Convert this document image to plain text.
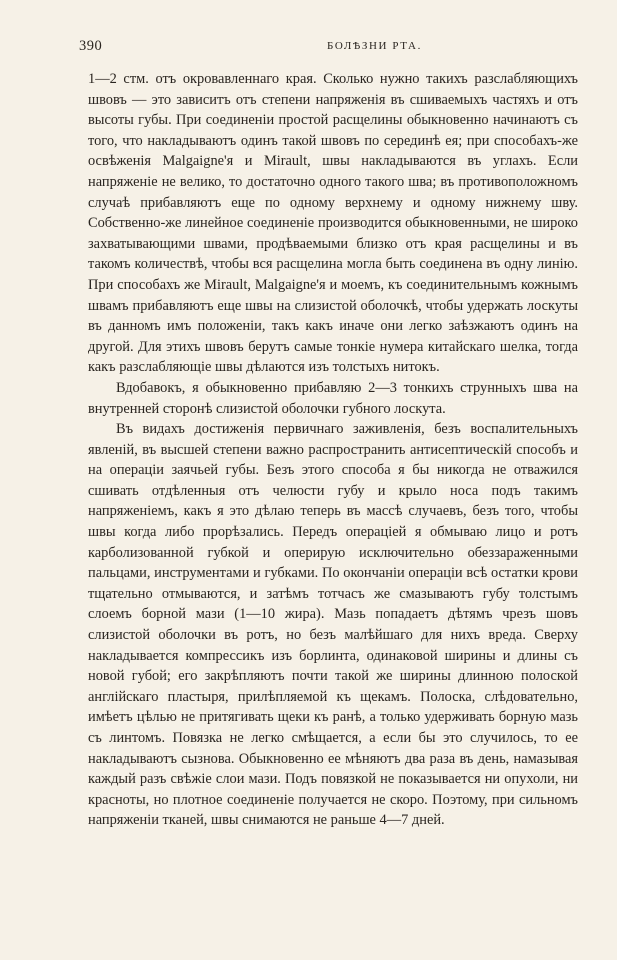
390	БОЛѢЗНИ РТА.

1—2 стм. отъ окровавленнаго края. Сколько нужно такихъ разслабляющихъ швовъ — это зависитъ отъ степени напряженія въ сшиваемыхъ частяхъ и отъ высоты губы. При соединеніи простой расщелины обыкновенно начинаютъ съ того, что накладываютъ одинъ такой швовъ по серединѣ ея; при способахъ-же освѣженія Malgaigne'я и Mirault, швы накладываются въ углахъ. Если напряженіе не велико, то достаточно одного такого шва; въ противоположномъ случаѣ прибавляютъ еще по одному верхнему и одному нижнему шву. Собственно-же линейное соединеніе производится обыкновенными, не широко захватывающими швами, продѣваемыми близко отъ края расщелины и въ такомъ количествѣ, чтобы вся расщелина могла быть соединена въ одну линію. При способахъ же Mirault, Malgaigne'я и моемъ, къ соединительнымъ кожнымъ швамъ прибавляютъ еще швы на слизистой оболочкѣ, чтобы удержать лоскуты въ данномъ имъ положеніи, такъ какъ иначе они легко заѣзжаютъ одинъ на другой. Для этихъ швовъ берутъ самые тонкіе нумера китайскаго шелка, тогда какъ разслабляющіе швы дѣлаются изъ толстыхъ нитокъ.

Вдобавокъ, я обыкновенно прибавляю 2—3 тонкихъ струнныхъ шва на внутренней сторонѣ слизистой оболочки губного лоскута.

Въ видахъ достиженія первичнаго заживленія, безъ воспалительныхъ явленій, въ высшей степени важно распространить антисептическій способъ и на операціи заячьей губы. Безъ этого способа я бы никогда не отважился сшивать отдѣленныя отъ челюсти губу и крыло носа подъ такимъ напряженіемъ, какъ я это дѣлаю теперь въ массѣ случаевъ, безъ того, чтобы швы когда либо прорѣзались. Передъ операціей я обмываю лицо и ротъ карболизованной губкой и оперирую исключительно обеззараженными пальцами, инструментами и губками. По окончаніи операціи всѣ остатки крови тщательно отмываются, и затѣмъ тотчасъ же смазываютъ губу толстымъ слоемъ борной мази (1—10 жира). Мазь попадаетъ дѣтямъ чрезъ шовъ слизистой оболочки въ ротъ, но безъ малѣйшаго для нихъ вреда. Сверху накладывается компрессикъ изъ борлинта, одинаковой ширины и длины съ новой губой; его закрѣпляютъ почти такой же ширины длинною полоской англійскаго пластыря, прилѣпляемой къ щекамъ. Полоска, слѣдовательно, имѣетъ цѣлью не притягивать щеки къ ранѣ, а только удерживать борную мазь съ линтомъ. Повязка не легко смѣщается, а если бы это случилось, то ее накладываютъ сызнова. Обыкновенно ее мѣняютъ два раза въ день, намазывая каждый разъ свѣжіе слои мази. Подъ повязкой не показывается ни опухоли, ни красноты, но плотное соединеніе получается не скоро. Поэтому, при сильномъ напряженіи тканей, швы снимаются не раньше 4—7 дней.
